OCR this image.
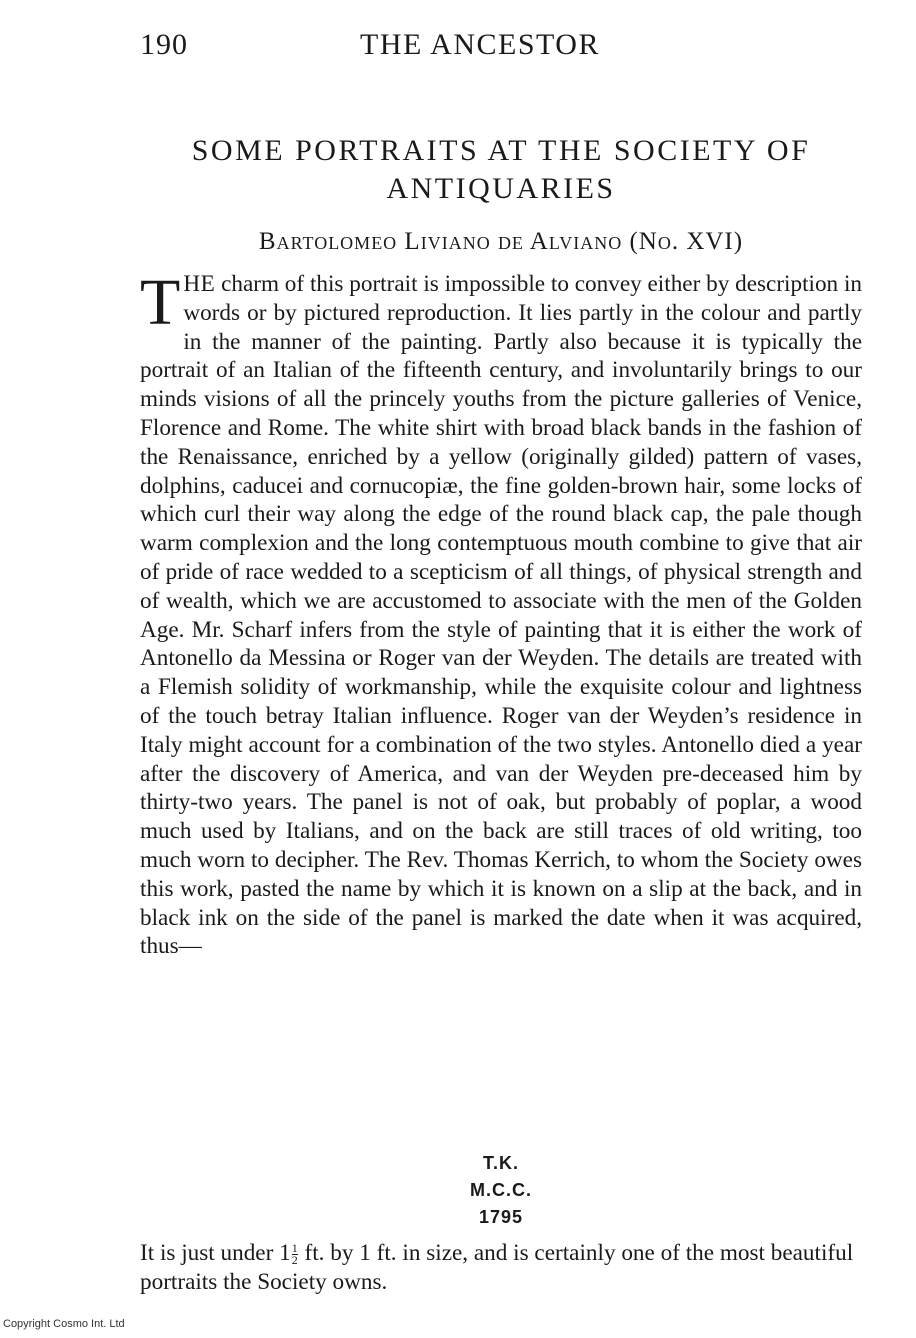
190	THE ANCESTOR
SOME PORTRAITS AT THE SOCIETY OF ANTIQUARIES
Bartolomeo Liviano de Alviano (No. XVI)
THE charm of this portrait is impossible to convey either by description in words or by pictured reproduction. It lies partly in the colour and partly in the manner of the painting. Partly also because it is typically the portrait of an Italian of the fifteenth century, and involuntarily brings to our minds visions of all the princely youths from the picture galleries of Venice, Florence and Rome. The white shirt with broad black bands in the fashion of the Renaissance, enriched by a yellow (originally gilded) pattern of vases, dolphins, caducei and cornucopiæ, the fine golden-brown hair, some locks of which curl their way along the edge of the round black cap, the pale though warm complexion and the long contemptuous mouth combine to give that air of pride of race wedded to a scepticism of all things, of physical strength and of wealth, which we are accustomed to associate with the men of the Golden Age. Mr. Scharf infers from the style of painting that it is either the work of Antonello da Messina or Roger van der Weyden. The details are treated with a Flemish solidity of workmanship, while the exquisite colour and lightness of the touch betray Italian influence. Roger van der Weyden’s residence in Italy might account for a combination of the two styles. Antonello died a year after the discovery of America, and van der Weyden pre-deceased him by thirty-two years. The panel is not of oak, but probably of poplar, a wood much used by Italians, and on the back are still traces of old writing, too much worn to decipher. The Rev. Thomas Kerrich, to whom the Society owes this work, pasted the name by which it is known on a slip at the back, and in black ink on the side of the panel is marked the date when it was acquired, thus—
T.K.
M.C.C.
1795
It is just under $1 \frac{1}{2}$ ft. by 1 ft. in size, and is certainly one of the most beautiful portraits the Society owns.
Copyright Cosmo Int. Ltd
